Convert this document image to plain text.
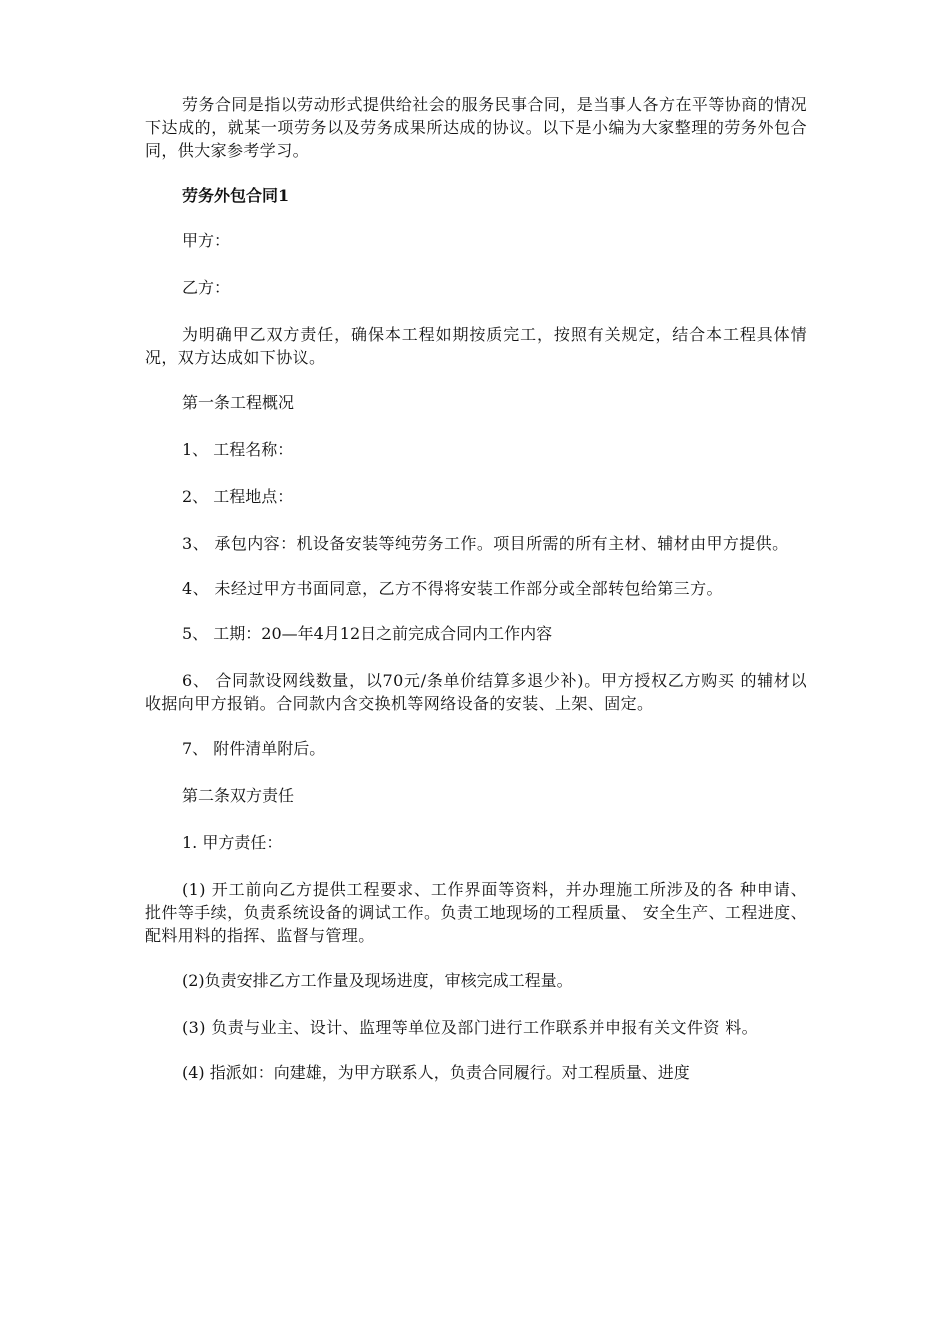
劳务合同是指以劳动形式提供给社会的服务民事合同，是当事人各方在平等协商的情况下达成的，就某一项劳务以及劳务成果所达成的协议。以下是小编为大家整理的劳务外包合同，供大家参考学习。

劳务外包合同1

甲方：

乙方：

为明确甲乙双方责任，确保本工程如期按质完工，按照有关规定，结合本工程具体情况，双方达成如下协议。

第一条工程概况

1、 工程名称：

2、 工程地点：

3、 承包内容：机设备安装等纯劳务工作。项目所需的所有主材、辅材由甲方提供。

4、 未经过甲方书面同意，乙方不得将安装工作部分或全部转包给第三方。

5、 工期：20—年4月12日之前完成合同内工作内容

6、 合同款设网线数量，以70元/条单价结算多退少补)。甲方授权乙方购买 的辅材以收据向甲方报销。合同款内含交换机等网络设备的安装、上架、固定。

7、 附件清单附后。

第二条双方责任

1. 甲方责任：

(1) 开工前向乙方提供工程要求、工作界面等资料，并办理施工所涉及的各 种申请、批件等手续，负责系统设备的调试工作。负责工地现场的工程质量、 安全生产、工程进度、配料用料的指挥、监督与管理。

(2)负责安排乙方工作量及现场进度，审核完成工程量。

(3) 负责与业主、设计、监理等单位及部门进行工作联系并申报有关文件资 料。

(4) 指派如：向建雄，为甲方联系人，负责合同履行。对工程质量、进度
